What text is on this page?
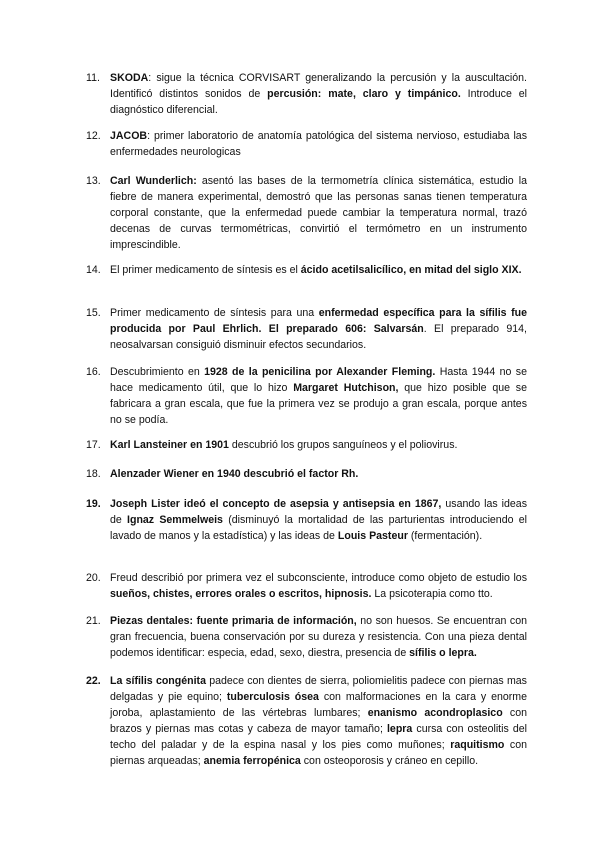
11. SKODA: sigue la técnica CORVISART generalizando la percusión y la auscultación. Identificó distintos sonidos de percusión: mate, claro y timpánico. Introduce el diagnóstico diferencial.
12. JACOB: primer laboratorio de anatomía patológica del sistema nervioso, estudiaba las enfermedades neurologicas
13. Carl Wunderlich: asentó las bases de la termometría clínica sistemática, estudio la fiebre de manera experimental, demostró que las personas sanas tienen temperatura corporal constante, que la enfermedad puede cambiar la temperatura normal, trazó decenas de curvas termométricas, convirtió el termómetro en un instrumento imprescindible.
14. El primer medicamento de síntesis es el ácido acetilsalicílico, en mitad del siglo XIX.
15. Primer medicamento de síntesis para una enfermedad específica para la sífilis fue producida por Paul Ehrlich. El preparado 606: Salvarsán. El preparado 914, neosalvarsan consiguió disminuir efectos secundarios.
16. Descubrimiento en 1928 de la penicilina por Alexander Fleming. Hasta 1944 no se hace medicamento útil, que lo hizo Margaret Hutchison, que hizo posible que se fabricara a gran escala, que fue la primera vez se produjo a gran escala, porque antes no se podía.
17. Karl Lansteiner en 1901 descubrió los grupos sanguíneos y el poliovirus.
18. Alenzader Wiener en 1940 descubrió el factor Rh.
19. Joseph Lister ideó el concepto de asepsia y antisepsia en 1867, usando las ideas de Ignaz Semmelweis (disminuyó la mortalidad de las parturientas introduciendo el lavado de manos y la estadística) y las ideas de Louis Pasteur (fermentación).
20. Freud describió por primera vez el subconsciente, introduce como objeto de estudio los sueños, chistes, errores orales o escritos, hipnosis. La psicoterapia como tto.
21. Piezas dentales: fuente primaria de información, no son huesos. Se encuentran con gran frecuencia, buena conservación por su dureza y resistencia. Con una pieza dental podemos identificar: especia, edad, sexo, diestra, presencia de sífilis o lepra.
22. La sífilis congénita padece con dientes de sierra, poliomielitis padece con piernas mas delgadas y pie equino; tuberculosis ósea con malformaciones en la cara y enorme joroba, aplastamiento de las vértebras lumbares; enanismo acondroplasico con brazos y piernas mas cotas y cabeza de mayor tamaño; lepra cursa con osteolitis del techo del paladar y de la espina nasal y los pies como muñones; raquitismo con piernas arqueadas; anemia ferropénica con osteoporosis y cráneo en cepillo.
